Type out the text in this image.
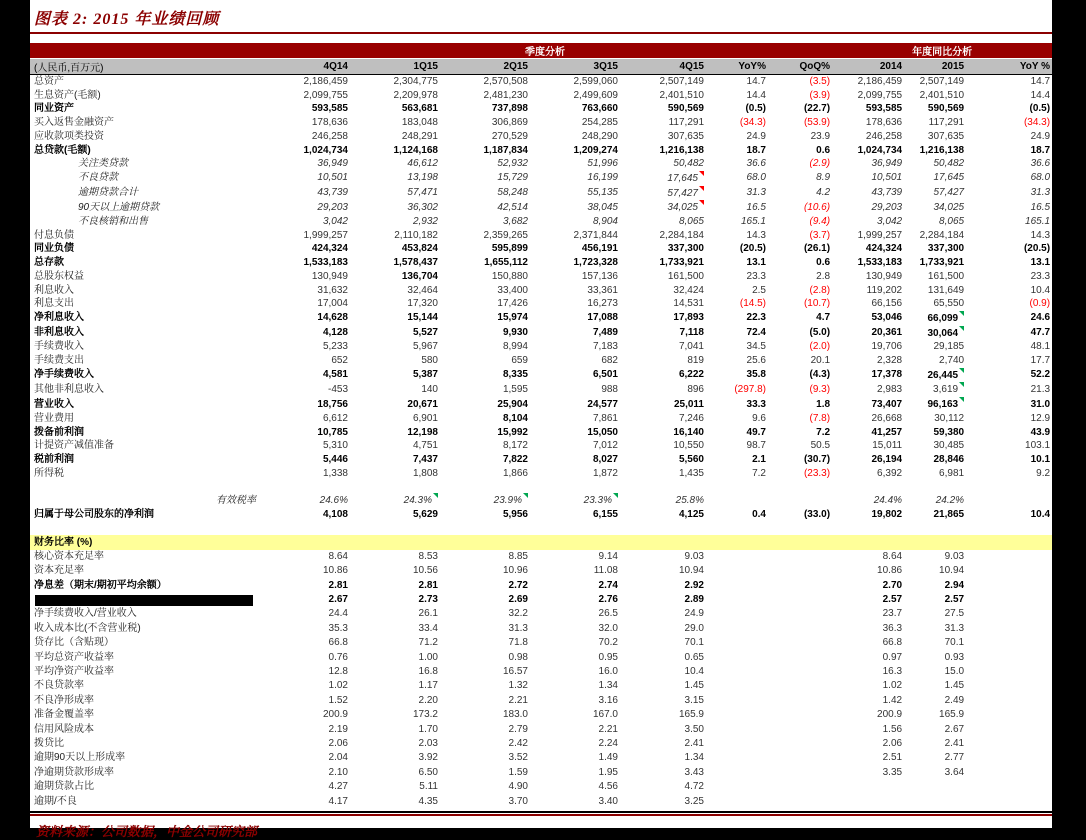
图表 2: 2015 年业绩回顾
	季度分析							年度同比分析		
(人民币,百万元)	4Q14	1Q15	2Q15	3Q15	4Q15	YoY%	QoQ%	2014	2015	YoY %
总资产	2,186,459	2,304,775	2,570,508	2,599,060	2,507,149	14.7	(3.5)	2,186,459	2,507,149	14.7
生息资产(毛额)	2,099,755	2,209,978	2,481,230	2,499,609	2,401,510	14.4	(3.9)	2,099,755	2,401,510	14.4
同业资产	593,585	563,681	737,898	763,660	590,569	(0.5)	(22.7)	593,585	590,569	(0.5)
买入返售金融资产	178,636	183,048	306,869	254,285	117,291	(34.3)	(53.9)	178,636	117,291	(34.3)
应收款项类投资	246,258	248,291	270,529	248,290	307,635	24.9	23.9	246,258	307,635	24.9
总贷款(毛额)	1,024,734	1,124,168	1,187,834	1,209,274	1,216,138	18.7	0.6	1,024,734	1,216,138	18.7
关注类贷款	36,949	46,612	52,932	51,996	50,482	36.6	(2.9)	36,949	50,482	36.6
不良贷款	10,501	13,198	15,729	16,199	17,645	68.0	8.9	10,501	17,645	68.0
逾期贷款合计	43,739	57,471	58,248	55,135	57,427	31.3	4.2	43,739	57,427	31.3
90天以上逾期贷款	29,203	36,302	42,514	38,045	34,025	16.5	(10.6)	29,203	34,025	16.5
不良核销和出售	3,042	2,932	3,682	8,904	8,065	165.1	(9.4)	3,042	8,065	165.1
付息负债	1,999,257	2,110,182	2,359,265	2,371,844	2,284,184	14.3	(3.7)	1,999,257	2,284,184	14.3
同业负债	424,324	453,824	595,899	456,191	337,300	(20.5)	(26.1)	424,324	337,300	(20.5)
总存款	1,533,183	1,578,437	1,655,112	1,723,328	1,733,921	13.1	0.6	1,533,183	1,733,921	13.1
总股东权益	130,949	136,704	150,880	157,136	161,500	23.3	2.8	130,949	161,500	23.3
利息收入	31,632	32,464	33,400	33,361	32,424	2.5	(2.8)	119,202	131,649	10.4
利息支出	17,004	17,320	17,426	16,273	14,531	(14.5)	(10.7)	66,156	65,550	(0.9)
净利息收入	14,628	15,144	15,974	17,088	17,893	22.3	4.7	53,046	66,099	24.6
非利息收入	4,128	5,527	9,930	7,489	7,118	72.4	(5.0)	20,361	30,064	47.7
手续费收入	5,233	5,967	8,994	7,183	7,041	34.5	(2.0)	19,706	29,185	48.1
手续费支出	652	580	659	682	819	25.6	20.1	2,328	2,740	17.7
净手续费收入	4,581	5,387	8,335	6,501	6,222	35.8	(4.3)	17,378	26,445	52.2
其他非利息收入	-453	140	1,595	988	896	(297.8)	(9.3)	2,983	3,619	21.3
营业收入	18,756	20,671	25,904	24,577	25,011	33.3	1.8	73,407	96,163	31.0
营业费用	6,612	6,901	8,104	7,861	7,246	9.6	(7.8)	26,668	30,112	12.9
拨备前利润	10,785	12,198	15,992	15,050	16,140	49.7	7.2	41,257	59,380	43.9
计提资产减值准备	5,310	4,751	8,172	7,012	10,550	98.7	50.5	15,011	30,485	103.1
税前利润	5,446	7,437	7,822	8,027	5,560	2.1	(30.7)	26,194	28,846	10.1
所得税	1,338	1,808	1,866	1,872	1,435	7.2	(23.3)	6,392	6,981	9.2

有效税率	24.6%	24.3%	23.9%	23.3%	25.8%			24.4%	24.2%	
归属于母公司股东的净利润	4,108	5,629	5,956	6,155	4,125	0.4	(33.0)	19,802	21,865	10.4

财务比率 (%)										
核心资本充足率	8.64	8.53	8.85	9.14	9.03			8.64	9.03	
资本充足率	10.86	10.56	10.96	11.08	10.94			10.86	10.94	
净息差（期末/期初平均余额）	2.81	2.81	2.72	2.74	2.92			2.70	2.94	

	2.67	2.73	2.69	2.76	2.89			2.57	2.57	
净手续费收入/营业收入	24.4	26.1	32.2	26.5	24.9			23.7	27.5	
收入成本比(不含营业税)	35.3	33.4	31.3	32.0	29.0			36.3	31.3	
贷存比（含贴现）	66.8	71.2	71.8	70.2	70.1			66.8	70.1	
平均总资产收益率	0.76	1.00	0.98	0.95	0.65			0.97	0.93	
平均净资产收益率	12.8	16.8	16.57	16.0	10.4			16.3	15.0	
不良贷款率	1.02	1.17	1.32	1.34	1.45			1.02	1.45	
不良净形成率	1.52	2.20	2.21	3.16	3.15			1.42	2.49	
准备金覆盖率	200.9	173.2	183.0	167.0	165.9			200.9	165.9	
信用风险成本	2.19	1.70	2.79	2.21	3.50			1.56	2.67	
拨贷比	2.06	2.03	2.42	2.24	2.41			2.06	2.41	
逾期90天以上形成率	2.04	3.92	3.52	1.49	1.34			2.51	2.77	
净逾期贷款形成率	2.10	6.50	1.59	1.95	3.43			3.35	3.64	
逾期贷款占比	4.27	5.11	4.90	4.56	4.72					
逾期/不良	4.17	4.35	3.70	3.40	3.25					
资料来源：公司数据，中金公司研究部
